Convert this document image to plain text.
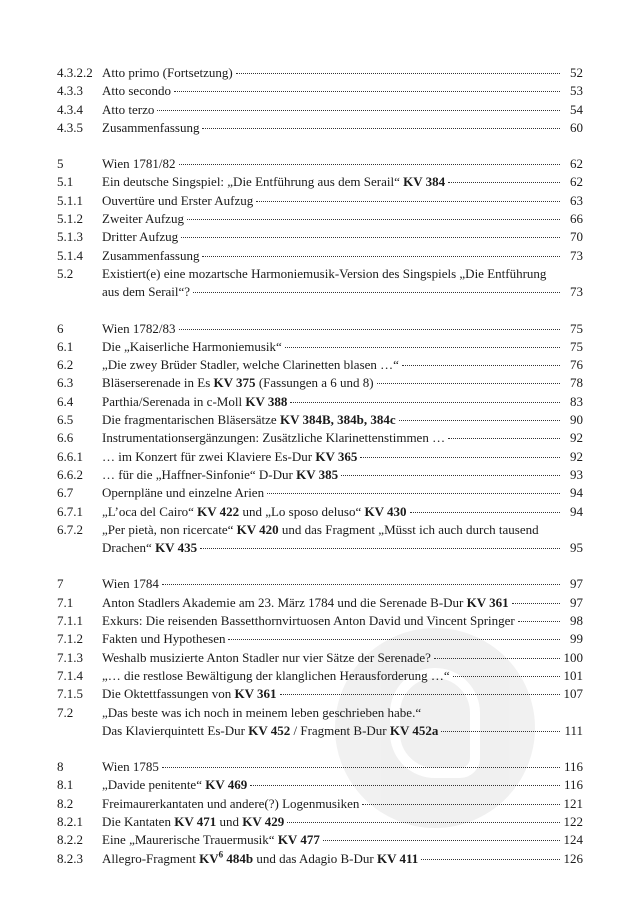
4.3.2.2 Atto primo (Fortsetzung)	52
4.3.3	Atto secondo	53
4.3.4	Atto terzo	54
4.3.5	Zusammenfassung	60
5	Wien 1781/82	62
5.1	Ein deutsche Singspiel: „Die Entführung aus dem Serail“ KV 384	62
5.1.1	Ouvertüre und Erster Aufzug	63
5.1.2	Zweiter Aufzug	66
5.1.3	Dritter Aufzug	70
5.1.4	Zusammenfassung	73
5.2	Existiert(e) eine mozartsche Harmoniemusik-Version des Singspiels „Die Entführung
aus dem Serail“?	73
6	Wien 1782/83	75
6.1	Die „Kaiserliche Harmoniemusik“	75
6.2	„Die zwey Brüder Stadler, welche Clarinetten blasen …“	76
6.3	Bläserserenade in Es KV 375 (Fassungen a 6 und 8)	78
6.4	Parthia/Serenada in c-Moll KV 388	83
6.5	Die fragmentarischen Bläsersätze KV 384B, 384b, 384c	90
6.6	Instrumentationsergänzungen: Zusätzliche Klarinettenstimmen …	92
6.6.1	… im Konzert für zwei Klaviere Es-Dur KV 365	92
6.6.2	… für die „Haffner-Sinfonie“ D-Dur KV 385	93
6.7	Opernpläne und einzelne Arien	94
6.7.1	„L’oca del Cairo“ KV 422 und „Lo sposo deluso“ KV 430	94
6.7.2	„Per pietà, non ricercate“ KV 420 und das Fragment „Müsst ich auch durch tausend
Drachen“ KV 435	95
7	Wien 1784	97
7.1	Anton Stadlers Akademie am 23. März 1784 und die Serenade B-Dur KV 361	97
7.1.1	Exkurs: Die reisenden Bassetthornvirtuosen Anton David und Vincent Springer	98
7.1.2	Fakten und Hypothesen	99
7.1.3	Weshalb musizierte Anton Stadler nur vier Sätze der Serenade?	100
7.1.4	„… die restlose Bewältigung der klanglichen Herausforderung …“	101
7.1.5	Die Oktettfassungen von KV 361	107
7.2	„Das beste was ich noch in meinem leben geschrieben habe.“
Das Klavierquintett Es-Dur KV 452 / Fragment B-Dur KV 452a	111
8	Wien 1785	116
8.1	„Davide penitente“ KV 469	116
8.2	Freimaurerkantaten und andere(?) Logenmusiken	121
8.2.1	Die Kantaten KV 471 und KV 429	122
8.2.2	Eine „Maurerische Trauermusik“ KV 477	124
8.2.3	Allegro-Fragment $KV^6$ 484b und das Adagio B-Dur KV 411	126
